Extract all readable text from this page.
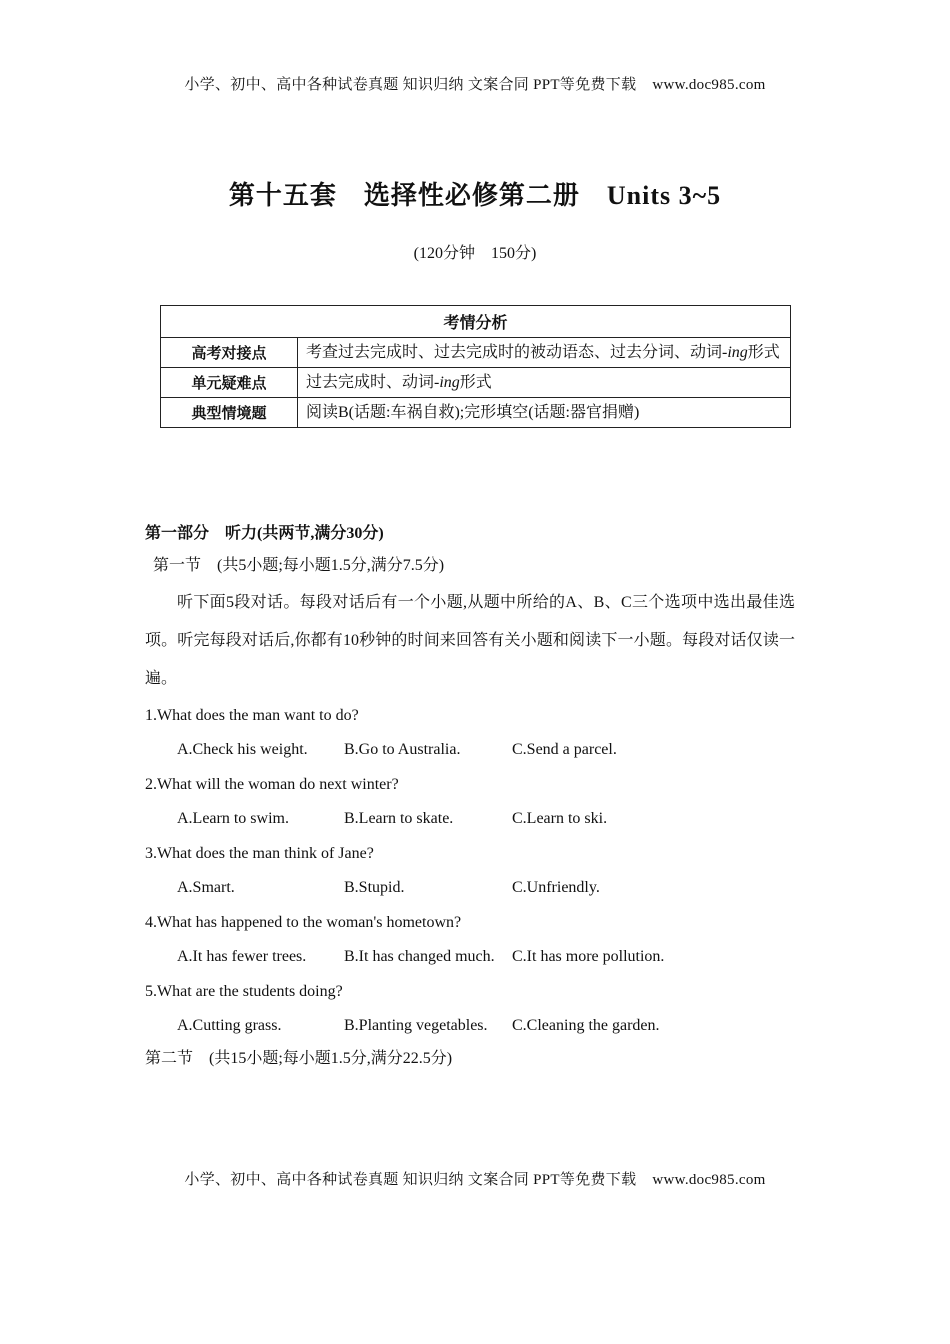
小学、初中、高中各种试卷真题 知识归纳 文案合同 PPT等免费下载 www.doc985.com
第十五套　选择性必修第二册　Units 3~5
(120分钟　150分)
考情分析	
高考对接点	考查过去完成时、过去完成时的被动语态、过去分词、动词-ing形式
单元疑难点	过去完成时、动词-ing形式
典型情境题	阅读B(话题:车祸自救);完形填空(话题:器官捐赠)
第一部分　听力(共两节,满分30分)
第一节　(共5小题;每小题1.5分,满分7.5分)
听下面5段对话。每段对话后有一个小题,从题中所给的A、B、C三个选项中选出最佳选项。听完每段对话后,你都有10秒钟的时间来回答有关小题和阅读下一小题。每段对话仅读一遍。
1.What does the man want to do?
A.Check his weight. B.Go to Australia.	C.Send a parcel.
2.What will the woman do next winter?
A.Learn to swim.	B.Learn to skate.	C.Learn to ski.
3.What does the man think of Jane?
A.Smart.	B.Stupid.	C.Unfriendly.
4.What has happened to the woman's hometown?
A.It has fewer trees. B.It has changed much. C.It has more pollution.
5.What are the students doing?
A.Cutting grass.	B.Planting vegetables. C.Cleaning the garden.
第二节　(共15小题;每小题1.5分,满分22.5分)
小学、初中、高中各种试卷真题 知识归纳 文案合同 PPT等免费下载 www.doc985.com
